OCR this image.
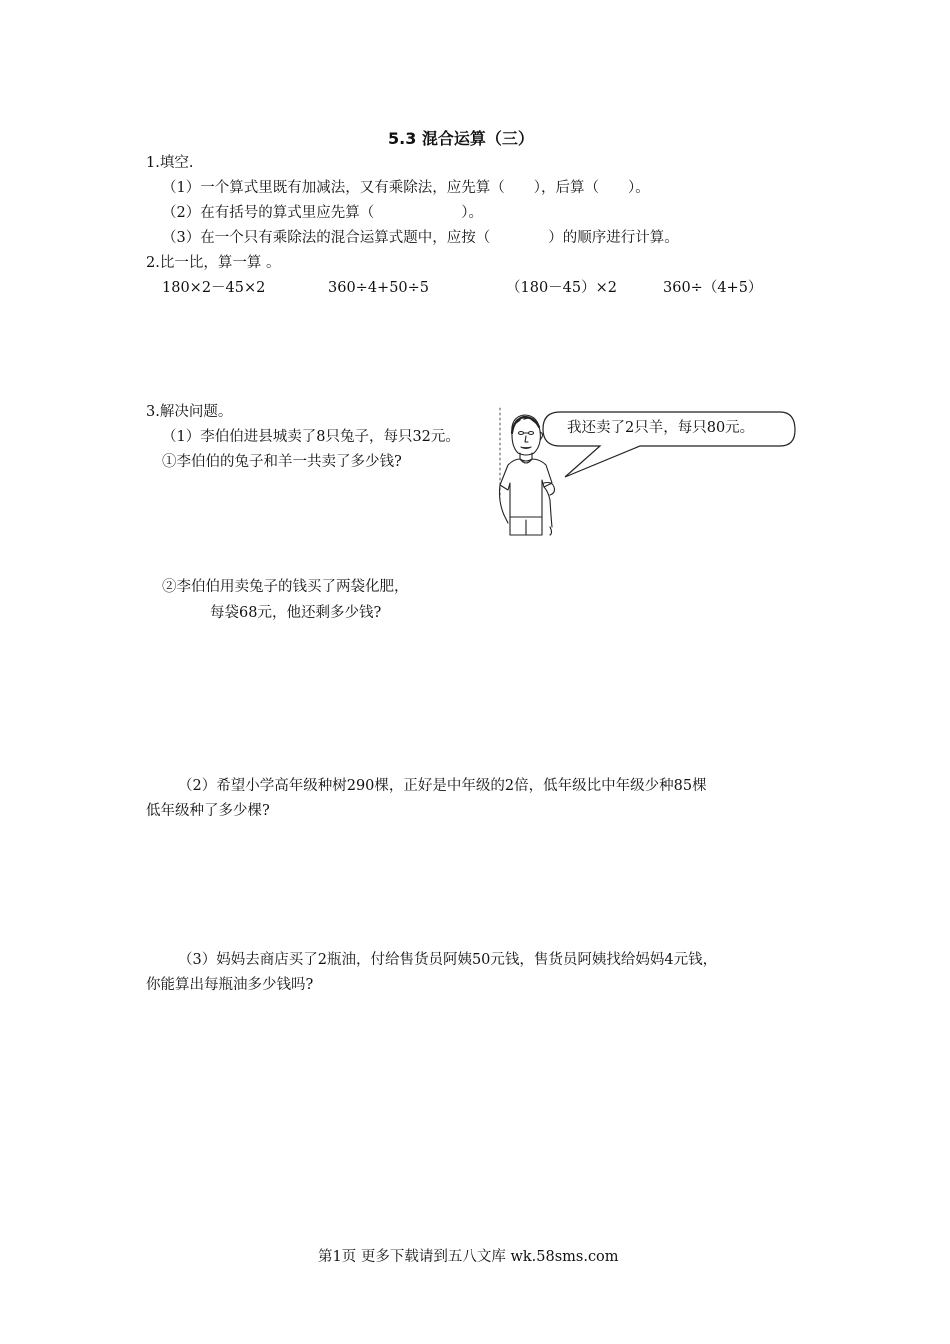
5.3 混合运算（三）
1.填空.
（1）一个算式里既有加减法，又有乘除法，应先算（　　），后算（　　）。
（2）在有括号的算式里应先算（　　　　　　）。
（3）在一个只有乘除法的混合运算式题中，应按（　　　　）的顺序进行计算。
2.比一比，算一算 。
180×2－45×2	360÷4+50÷5	（180－45）×2	360÷（4+5）
3.解决问题。
（1）李伯伯进县城卖了8只兔子，每只32元。
①李伯伯的兔子和羊一共卖了多少钱?
我还卖了2只羊，每只80元。
②李伯伯用卖兔子的钱买了两袋化肥，
每袋68元，他还剩多少钱?
（2）希望小学高年级种树290棵，正好是中年级的2倍，低年级比中年级少种85棵
低年级种了多少棵?
（3）妈妈去商店买了2瓶油，付给售货员阿姨50元钱，售货员阿姨找给妈妈4元钱，
你能算出每瓶油多少钱吗?
第1页 更多下载请到五八文库 wk.58sms.com
